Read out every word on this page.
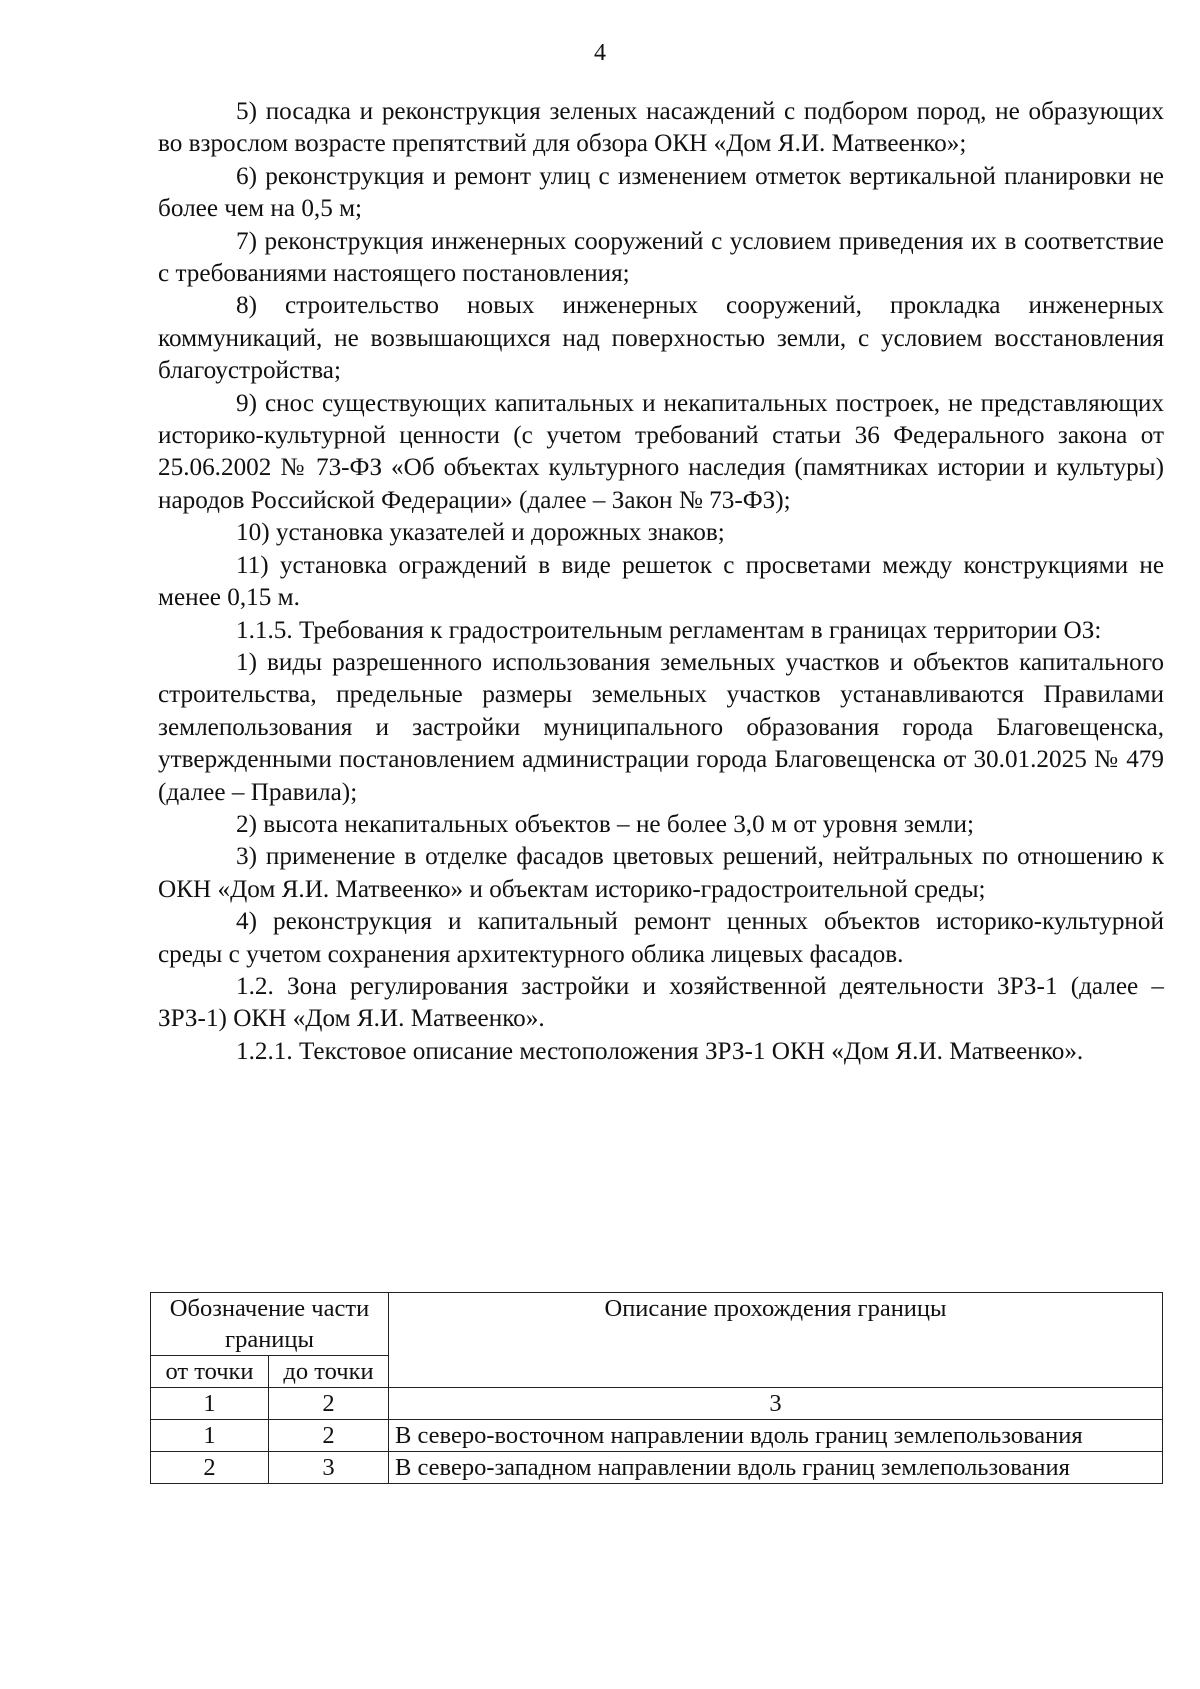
4

5) посадка и реконструкция зеленых насаждений с подбором пород, не образующих во взрослом возрасте препятствий для обзора ОКН «Дом Я.И. Матвеенко»;

6) реконструкция и ремонт улиц с изменением отметок вертикальной планировки не более чем на 0,5 м;

7) реконструкция инженерных сооружений с условием приведения их в соответствие с требованиями настоящего постановления;

8) строительство новых инженерных сооружений, прокладка инженерных коммуникаций, не возвышающихся над поверхностью земли, с условием восстановления благоустройства;

9) снос существующих капитальных и некапитальных построек, не представляющих историко-культурной ценности (с учетом требований статьи 36 Федерального закона от 25.06.2002 № 73-ФЗ «Об объектах культурного наследия (памятниках истории и культуры) народов Российской Федерации» (далее – Закон № 73-ФЗ);

10) установка указателей и дорожных знаков;

11) установка ограждений в виде решеток с просветами между конструкциями не менее 0,15 м.

1.1.5. Требования к градостроительным регламентам в границах территории ОЗ:

1) виды разрешенного использования земельных участков и объектов капитального строительства, предельные размеры земельных участков устанавливаются Правилами землепользования и застройки муниципального образования города Благовещенска, утвержденными постановлением администрации города Благовещенска от 30.01.2025 № 479 (далее – Правила);

2) высота некапитальных объектов – не более 3,0 м от уровня земли;

3) применение в отделке фасадов цветовых решений, нейтральных по отношению к ОКН «Дом Я.И. Матвеенко» и объектам историко-градостроительной среды;

4) реконструкция и капитальный ремонт ценных объектов историко-культурной среды с учетом сохранения архитектурного облика лицевых фасадов.

1.2. Зона регулирования застройки и хозяйственной деятельности ЗРЗ-1 (далее – ЗРЗ-1) ОКН «Дом Я.И. Матвеенко».

1.2.1. Текстовое описание местоположения ЗРЗ-1 ОКН «Дом Я.И. Матвеенко».

Обозначение части границы		Описание прохождения границы
от точки	до точки	
1	2	3
1	2	В северо-восточном направлении вдоль границ землепользования
2	3	В северо-западном направлении вдоль границ землепользования
